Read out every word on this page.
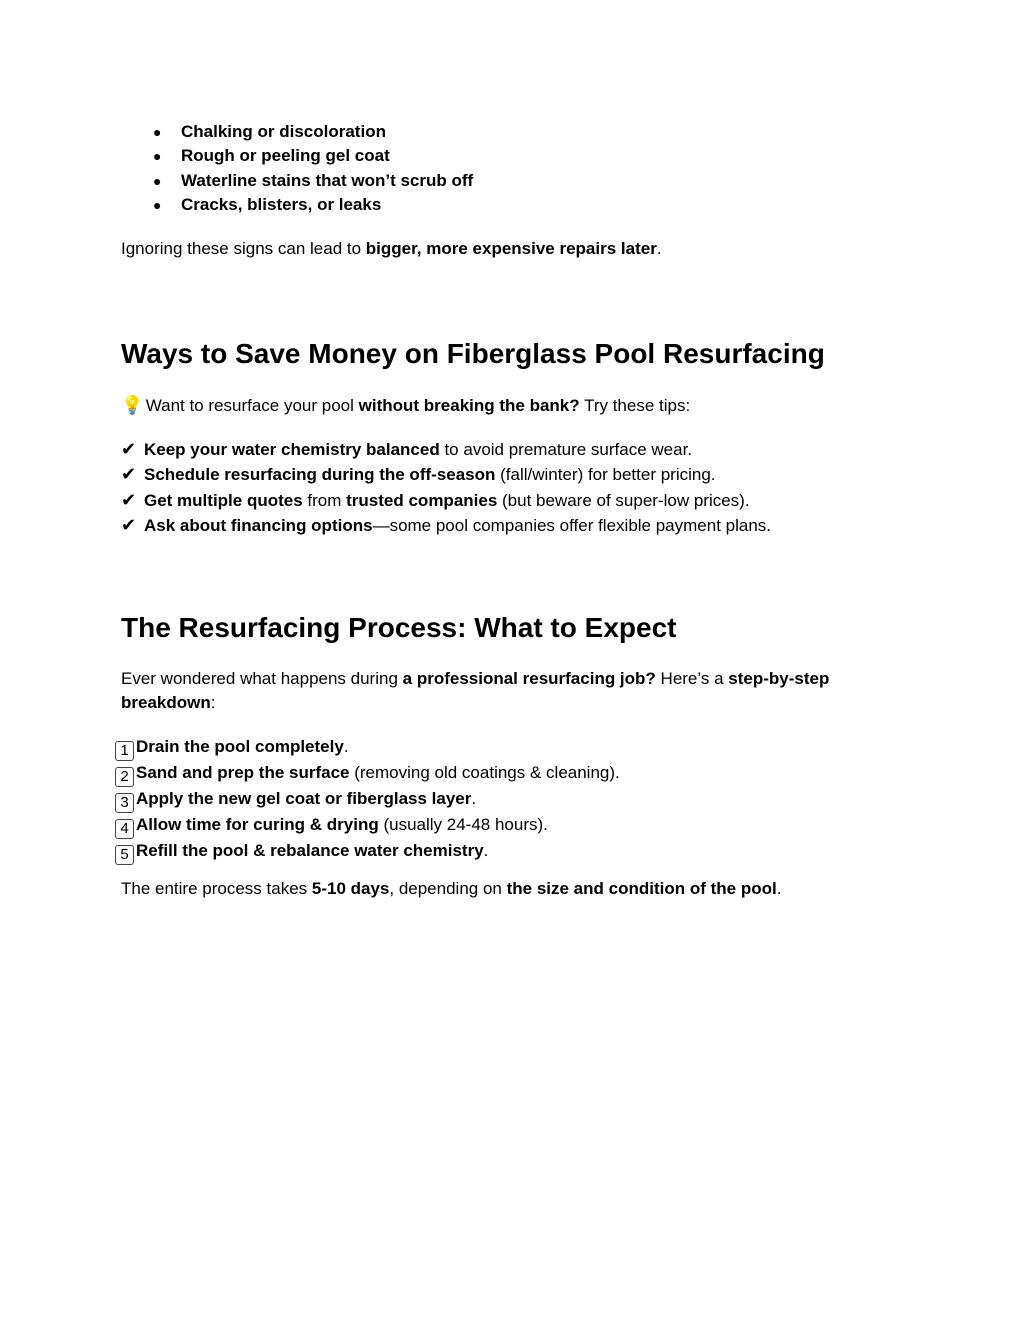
● Chalking or discoloration
● Rough or peeling gel coat
● Waterline stains that won’t scrub off
● Cracks, blisters, or leaks

Ignoring these signs can lead to bigger, more expensive repairs later.

Ways to Save Money on Fiberglass Pool Resurfacing

💡 Want to resurface your pool without breaking the bank? Try these tips:

✔ Keep your water chemistry balanced to avoid premature surface wear.
✔ Schedule resurfacing during the off-season (fall/winter) for better pricing.
✔ Get multiple quotes from trusted companies (but beware of super-low prices).
✔ Ask about financing options—some pool companies offer flexible payment plans.
The Resurfacing Process: What to Expect

Ever wondered what happens during a professional resurfacing job? Here’s a step-by-step breakdown:

1 Drain the pool completely.
2 Sand and prep the surface (removing old coatings & cleaning).
3 Apply the new gel coat or fiberglass layer.
4 Allow time for curing & drying (usually 24-48 hours).
5 Refill the pool & rebalance water chemistry.

The entire process takes 5-10 days, depending on the size and condition of the pool.
